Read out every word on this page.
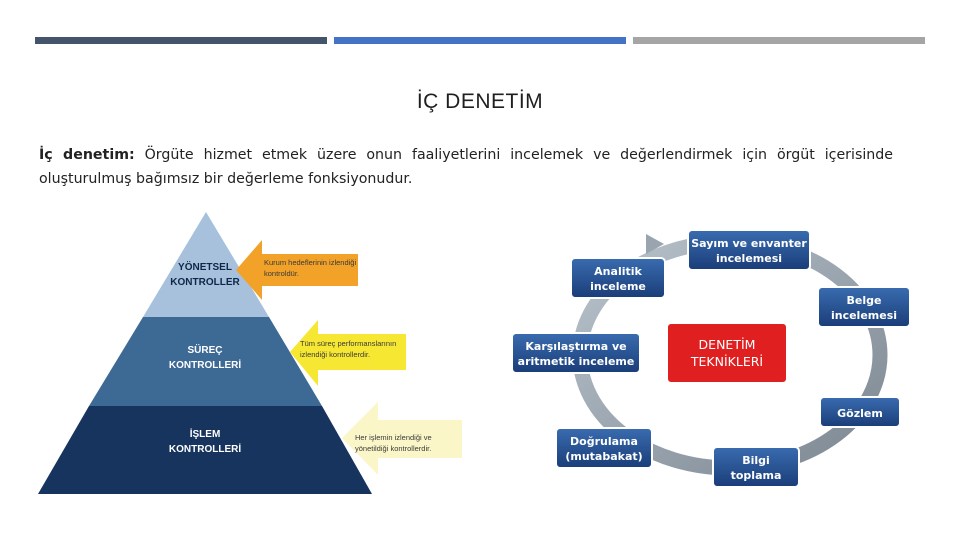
İÇ DENETİM
İç denetim: Örgüte hizmet etmek üzere onun faaliyetlerini incelemek ve değerlendirmek için örgüt içerisinde oluşturulmuş bağımsız bir değerleme fonksiyonudur.
YÖNETSEL
KONTROLLER
SÜREÇ
KONTROLLERİ
İŞLEM
KONTROLLERİ
Kurum hedeflerinin izlendiği
kontroldür.
Tüm süreç performanslarının
izlendiği kontrollerdir.
Her işlemin izlendiği ve
yönetildiği kontrollerdir.
DENETİM
TEKNİKLERİ
Sayım ve envanter
incelemesi
Belge
incelemesi
Gözlem
Bilgi
toplama
Doğrulama
(mutabakat)
Karşılaştırma ve
aritmetik inceleme
Analitik
inceleme
